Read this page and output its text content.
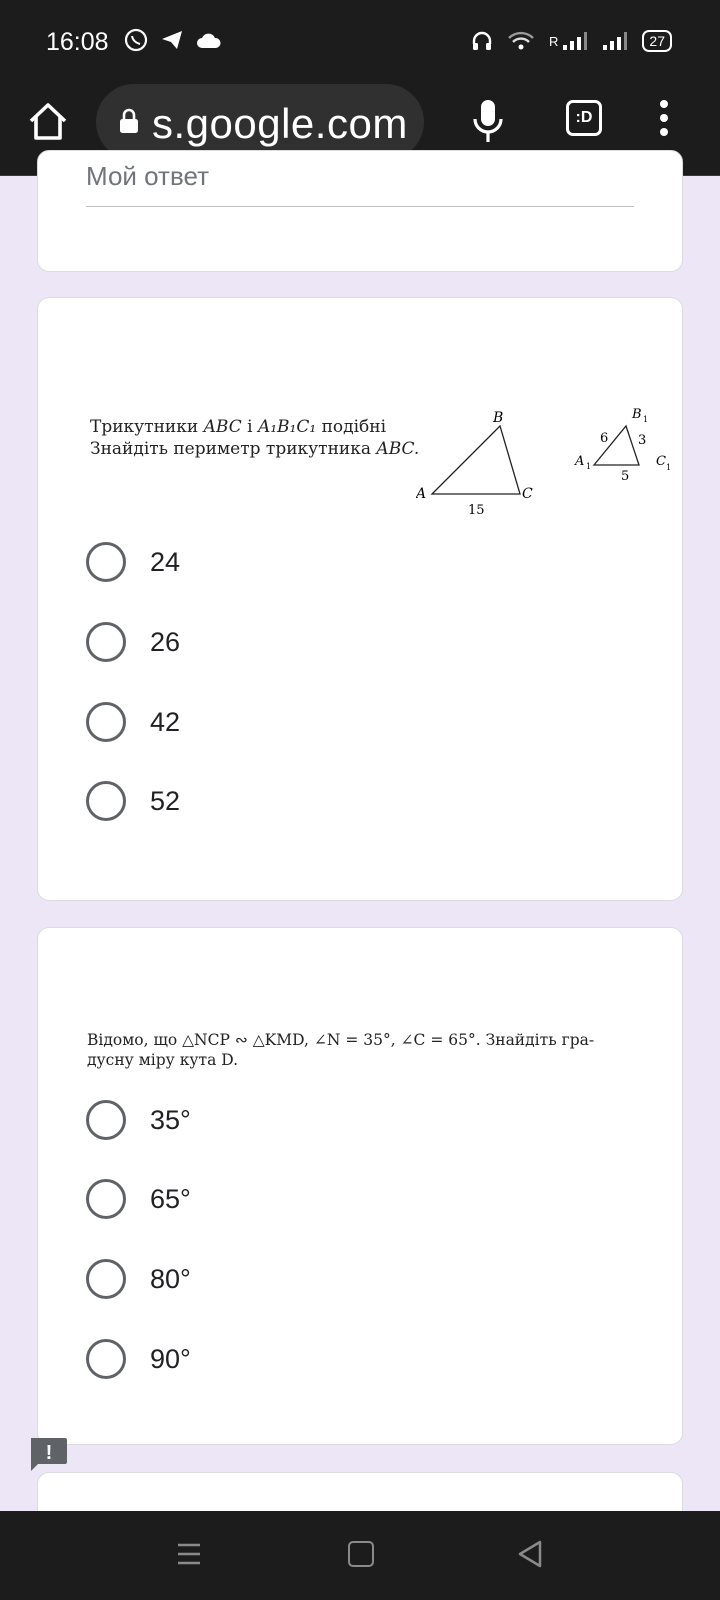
16:08	R	27
s.google.com	:D
Мой ответ
Трикутники ABC і A₁B₁C₁ подібні
Знайдіть периметр трикутника ABC.
A
B
C
15
A 1
B 1
C 1
6 3
5
24
26
42
52
Відомо, що △NCP ∾ △KMD, ∠N = 35°, ∠C = 65°. Знайдіть гра-
дусну міру кута D.
35°
65°
80°
90°
!
